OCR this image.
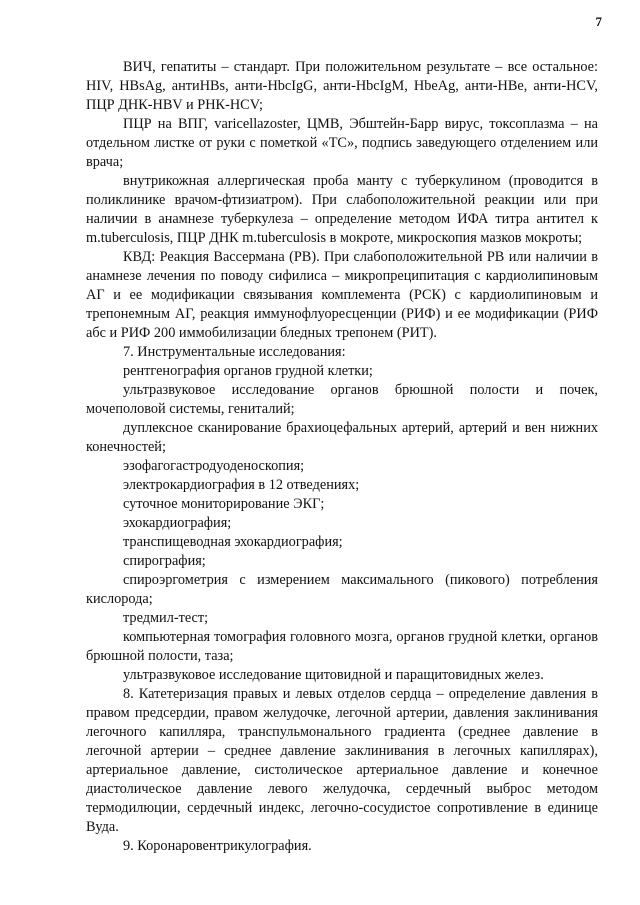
7

ВИЧ, гепатиты – стандарт. При положительном результате – все остальное: HIV, HBsAg, антиHBs, анти-HbcIgG, анти-HbcIgM, HbeAg, анти-HBe, анти-HCV, ПЦР ДНК-HBV и РНК-HCV;

ПЦР на ВПГ, varicellazoster, ЦМВ, Эбштейн-Барр вирус, токсоплазма – на отдельном листке от руки с пометкой «ТС», подпись заведующего отделением или врача;

внутрикожная аллергическая проба манту с туберкулином (проводится в поликлинике врачом-фтизиатром). При слабоположительной реакции или при наличии в анамнезе туберкулеза – определение методом ИФА титра антител к m.tuberculosis, ПЦР ДНК m.tuberculosis в мокроте, микроскопия мазков мокроты;

КВД: Реакция Вассермана (РВ). При слабоположительной РВ или наличии в анамнезе лечения по поводу сифилиса – микропреципитация с кардиолипиновым АГ и ее модификации связывания комплемента (РСК) с кардиолипиновым и трепонемным АГ, реакция иммунофлуоресценции (РИФ) и ее модификации (РИФ абс и РИФ 200 иммобилизации бледных трепонем (РИТ).

7. Инструментальные исследования:

рентгенография органов грудной клетки;

ультразвуковое исследование органов брюшной полости и почек, мочеполовой системы, гениталий;

дуплексное сканирование брахиоцефальных артерий, артерий и вен нижних конечностей;

эзофагогастродуоденоскопия;

электрокардиография в 12 отведениях;

суточное мониторирование ЭКГ;

эхокардиография;

транспищеводная эхокардиография;

спирография;

спироэргометрия с измерением максимального (пикового) потребления кислорода;

тредмил-тест;

компьютерная томография головного мозга, органов грудной клетки, органов брюшной полости, таза;

ультразвуковое исследование щитовидной и паращитовидных желез.

8. Катетеризация правых и левых отделов сердца – определение давления в правом предсердии, правом желудочке, легочной артерии, давления заклинивания легочного капилляра, транспульмонального градиента (среднее давление в легочной артерии – среднее давление заклинивания в легочных капиллярах), артериальное давление, систолическое артериальное давление и конечное диастолическое давление левого желудочка, сердечный выброс методом термодилюции, сердечный индекс, легочно-сосудистое сопротивление в единице Вуда.

9. Коронаровентрикулография.
